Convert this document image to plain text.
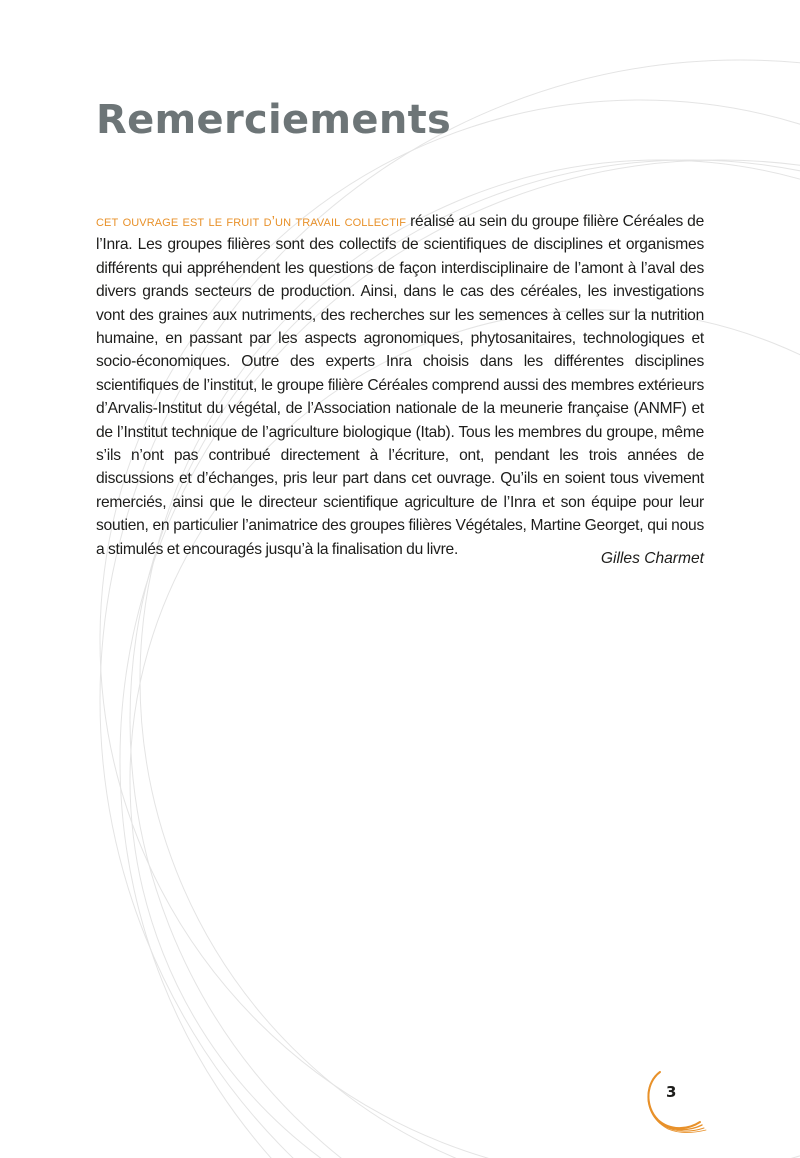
Remerciements

cet ouvrage est le fruit d’un travail collectif réalisé au sein du groupe filière Céréales de l’Inra. Les groupes filières sont des collectifs de scientifiques de disciplines et organismes différents qui appréhendent les questions de façon interdisciplinaire de l’amont à l’aval des divers grands secteurs de production. Ainsi, dans le cas des céréales, les investigations vont des graines aux nutriments, des recherches sur les semences à celles sur la nutrition humaine, en passant par les aspects agronomiques, phytosanitaires, technologiques et socio-économiques. Outre des experts Inra choisis dans les différentes disciplines scientifiques de l’institut, le groupe filière Céréales comprend aussi des membres extérieurs d’Arvalis-Institut du végétal, de l’Association nationale de la meunerie française (ANMF) et de l’Institut technique de l’agriculture biologique (Itab). Tous les membres du groupe, même s’ils n’ont pas contribué directement à l’écriture, ont, pendant les trois années de discussions et d’échanges, pris leur part dans cet ouvrage. Qu’ils en soient tous vivement remerciés, ainsi que le directeur scientifique agriculture de l’Inra et son équipe pour leur soutien, en particulier l’animatrice des groupes filières Végétales, Martine Georget, qui nous a stimulés et encouragés jusqu’à la finalisation du livre.

Gilles Charmet

3
